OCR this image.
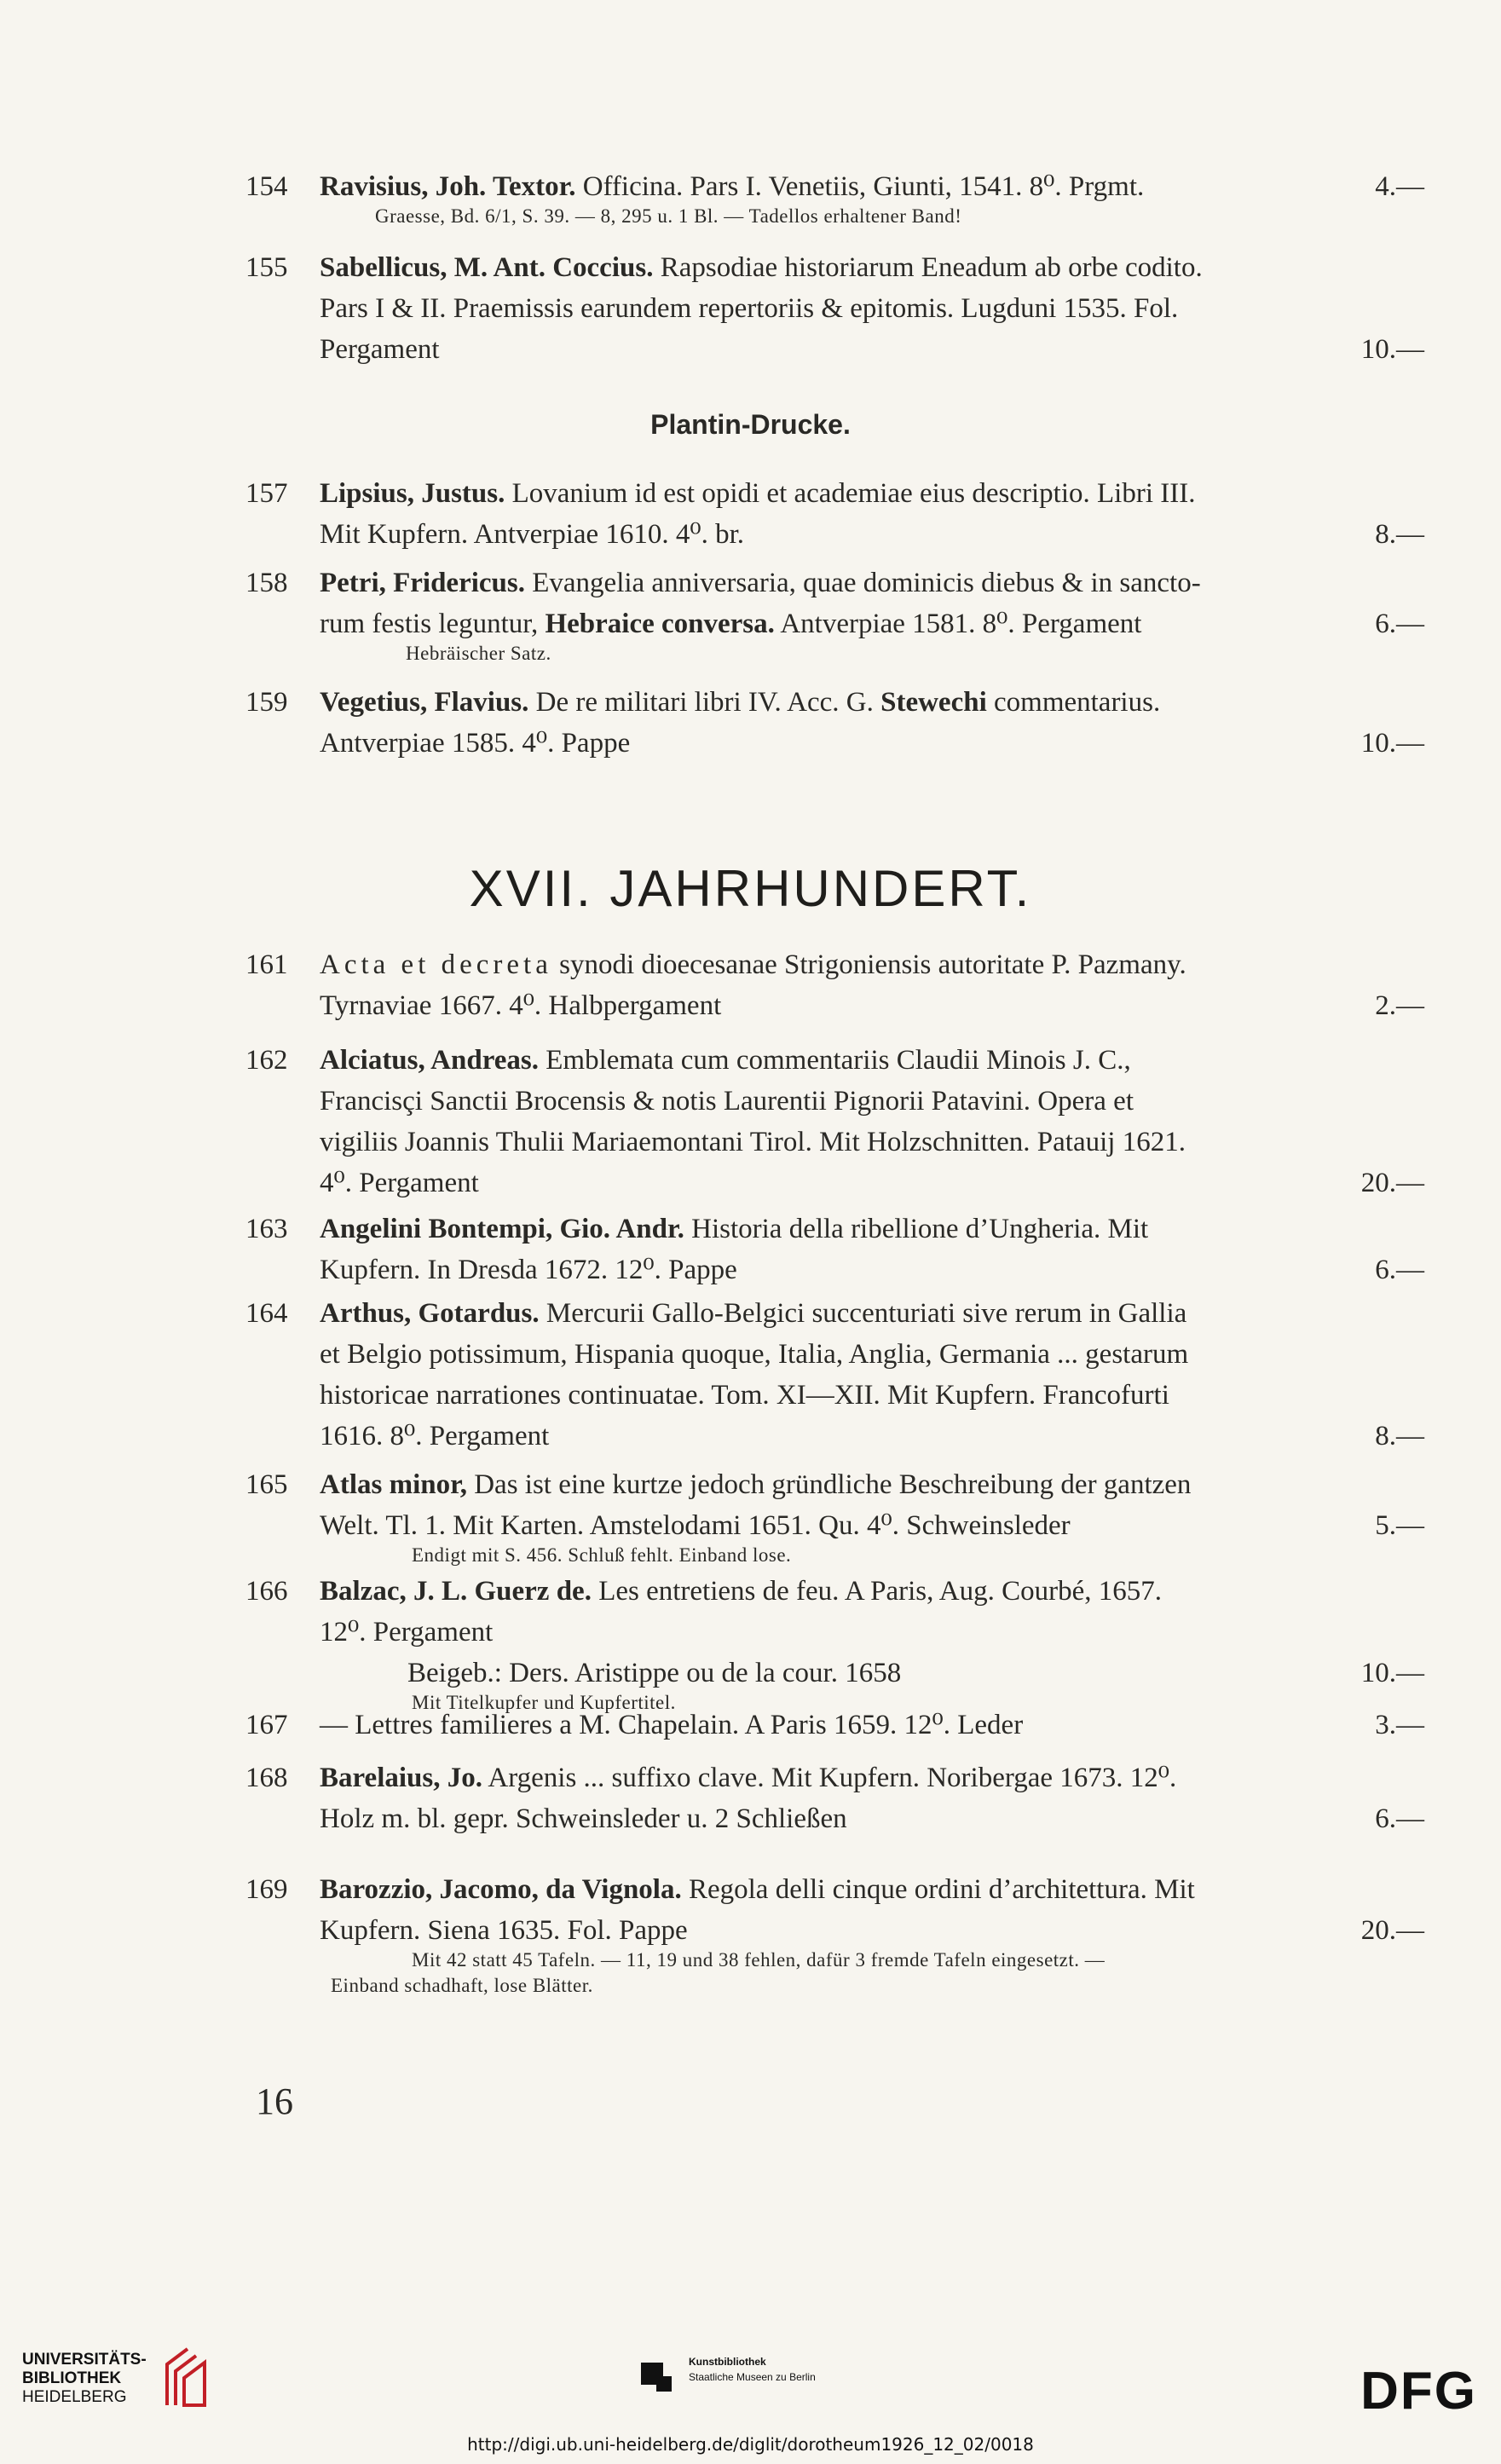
154	Ravisius, Joh. Textor. Officina. Pars I. Venetiis, Giunti, 1541. 8⁰. Prgmt.	4.—
Graesse, Bd. 6/1, S. 39. — 8, 295 u. 1 Bl. — Tadellos erhaltener Band!
155	Sabellicus, M. Ant. Coccius. Rapsodiae historiarum Eneadum ab orbe codito.
Pars I & II. Praemissis earundem repertoriis & epitomis. Lugduni 1535. Fol.
Pergament	10.—
Plantin-Drucke.
157	Lipsius, Justus. Lovanium id est opidi et academiae eius descriptio. Libri III.
Mit Kupfern. Antverpiae 1610. 4⁰. br.	8.—
158	Petri, Fridericus. Evangelia anniversaria, quae dominicis diebus & in sancto-
rum festis leguntur, Hebraice conversa. Antverpiae 1581. 8⁰. Pergament	6.—
Hebräischer Satz.
159	Vegetius, Flavius. De re militari libri IV. Acc. G. Stewechi commentarius.
Antverpiae 1585. 4⁰. Pappe	10.—
XVII. JAHRHUNDERT.
161	Acta et decreta synodi dioecesanae Strigoniensis autoritate P. Pazmany.
Tyrnaviae 1667. 4⁰. Halbpergament	2.—
162	Alciatus, Andreas. Emblemata cum commentariis Claudii Minois J. C.,
Francisçi Sanctii Brocensis & notis Laurentii Pignorii Patavini. Opera et
vigiliis Joannis Thulii Mariaemontani Tirol. Mit Holzschnitten. Patauij 1621.
4⁰. Pergament	20.—
163	Angelini Bontempi, Gio. Andr. Historia della ribellione d’Ungheria. Mit
Kupfern. In Dresda 1672. 12⁰. Pappe	6.—
164	Arthus, Gotardus. Mercurii Gallo-Belgici succenturiati sive rerum in Gallia
et Belgio potissimum, Hispania quoque, Italia, Anglia, Germania ... gestarum
historicae narrationes continuatae. Tom. XI—XII. Mit Kupfern. Francofurti
1616. 8⁰. Pergament	8.—
165	Atlas minor, Das ist eine kurtze jedoch gründliche Beschreibung der gantzen
Welt. Tl. 1. Mit Karten. Amstelodami 1651. Qu. 4⁰. Schweinsleder	5.—
Endigt mit S. 456. Schluß fehlt. Einband lose.
166	Balzac, J. L. Guerz de. Les entretiens de feu. A Paris, Aug. Courbé, 1657.
12⁰. Pergament
Beigeb.: Ders. Aristippe ou de la cour. 1658	10.—
Mit Titelkupfer und Kupfertitel.
167	— Lettres familieres a M. Chapelain. A Paris 1659. 12⁰. Leder	3.—
168	Barelaius, Jo. Argenis ... suffixo clave. Mit Kupfern. Noribergae 1673. 12⁰.
Holz m. bl. gepr. Schweinsleder u. 2 Schließen	6.—
169	Barozzio, Jacomo, da Vignola. Regola delli cinque ordini d’architettura. Mit
Kupfern. Siena 1635. Fol. Pappe	20.—
Mit 42 statt 45 Tafeln. — 11, 19 und 38 fehlen, dafür 3 fremde Tafeln eingesetzt. —
Einband schadhaft, lose Blätter.
16
UNIVERSITÄTS-
BIBLIOTHEK
HEIDELBERG
Kunstbibliothek
Staatliche Museen zu Berlin	DFG
http://digi.ub.uni-heidelberg.de/diglit/dorotheum1926_12_02/0018
